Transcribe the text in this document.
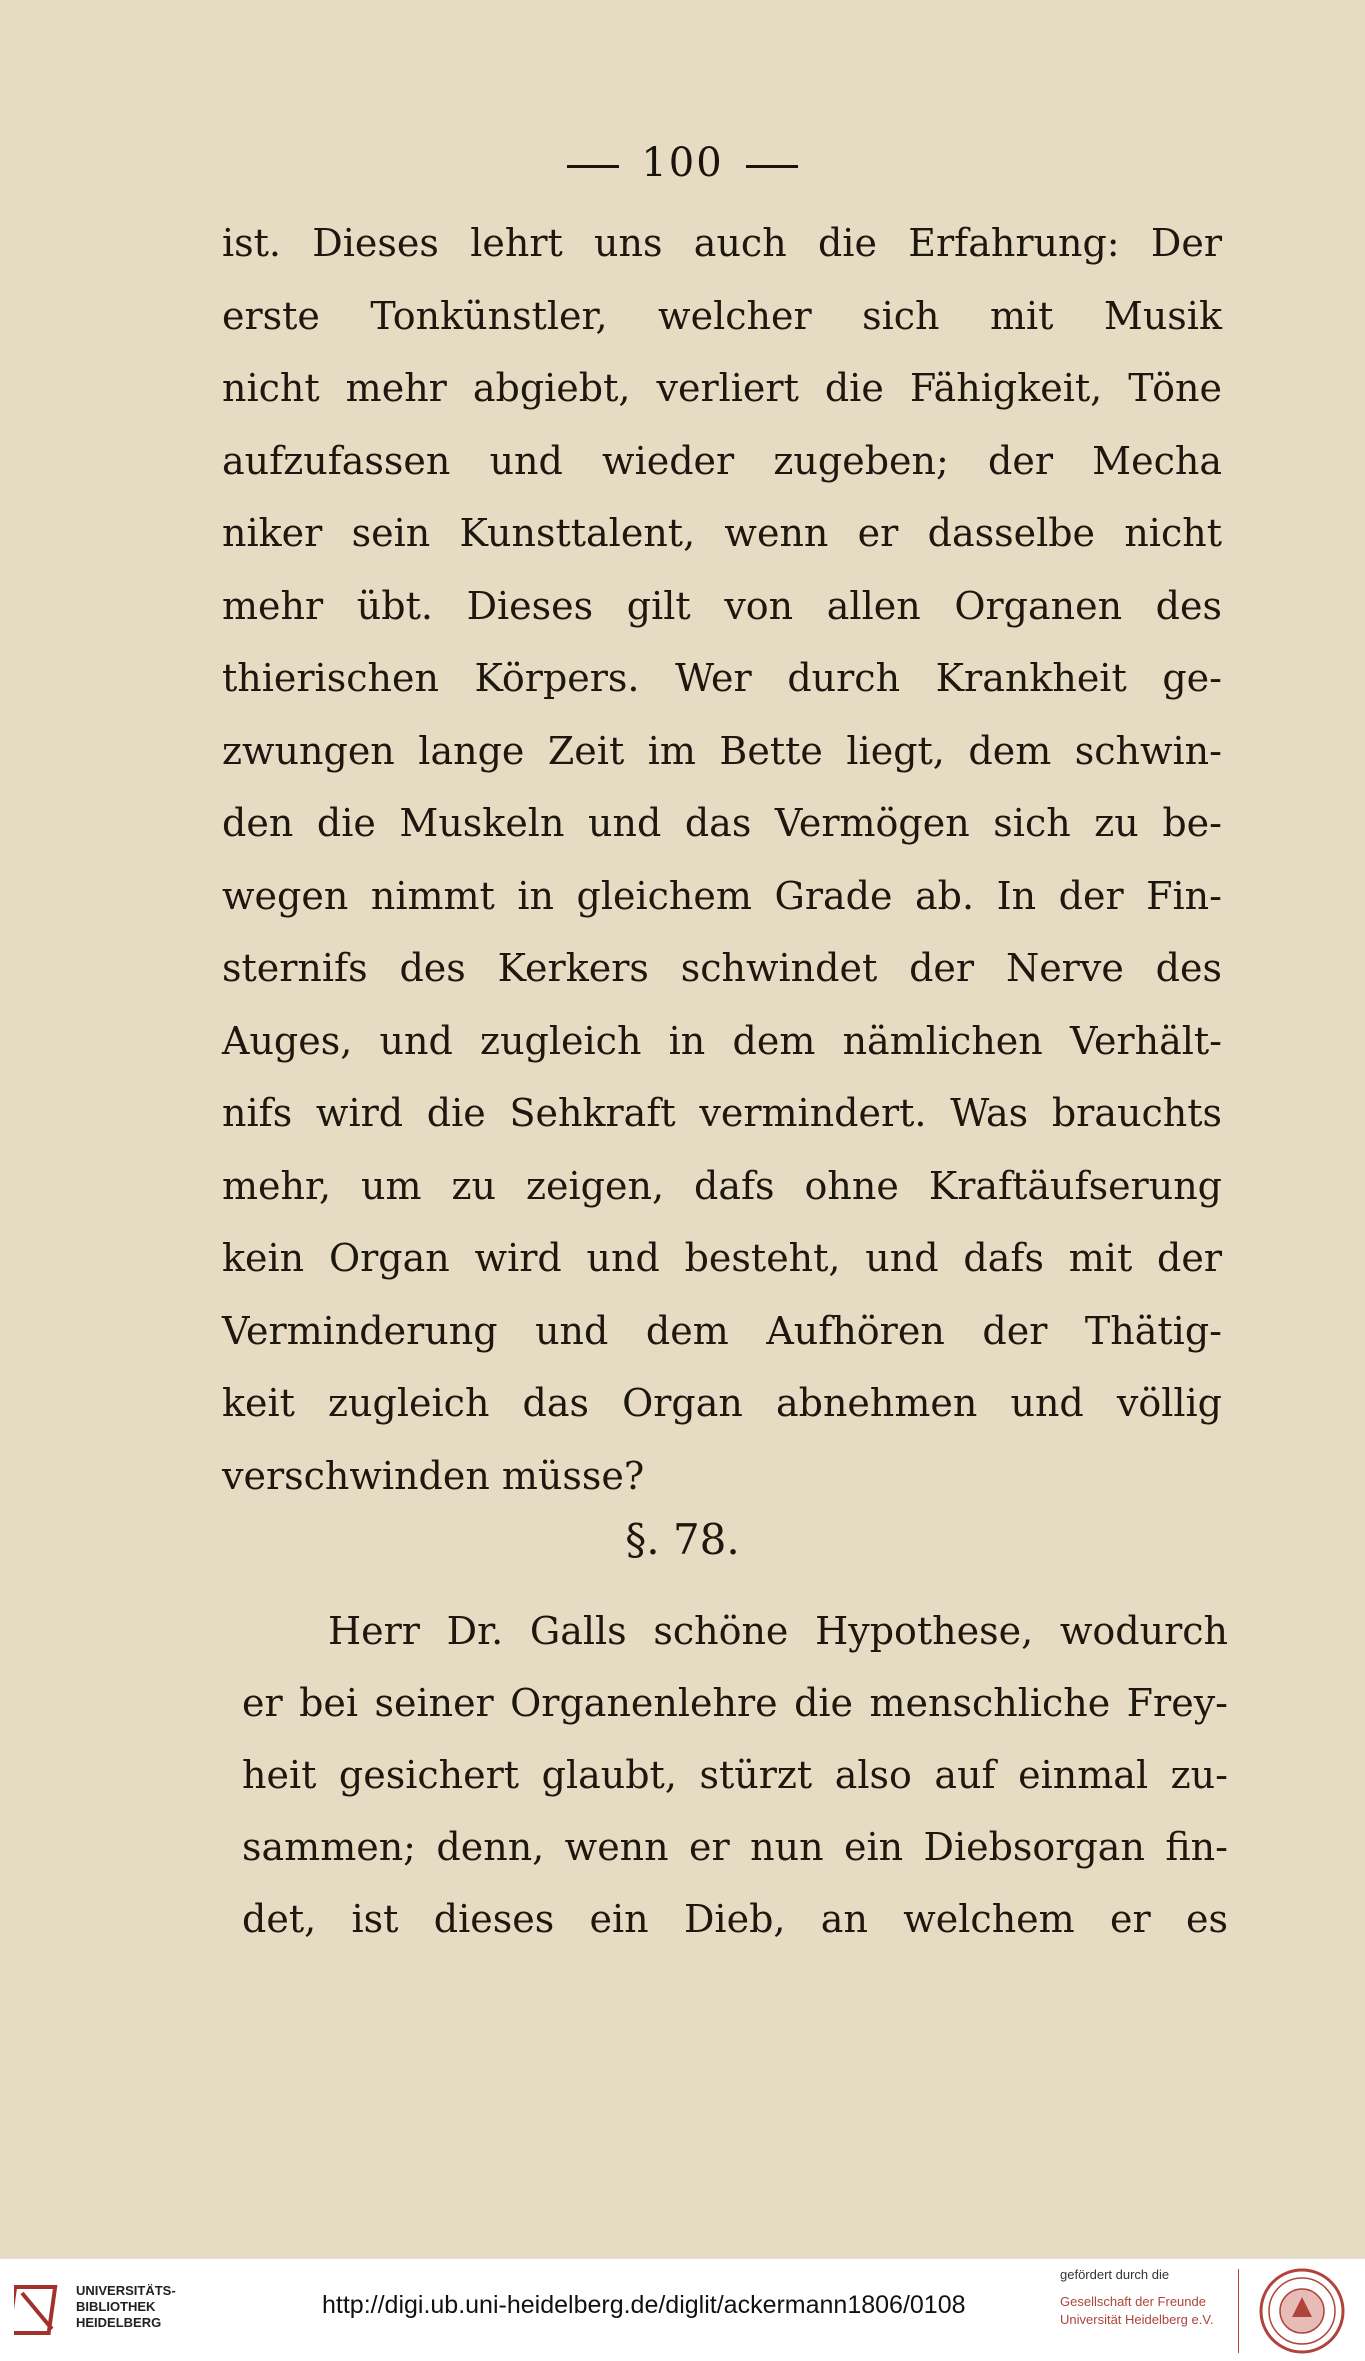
100
ist. Dieses lehrt uns auch die Erfahrung: Der
erste Tonkünstler, welcher sich mit Musik
nicht mehr abgiebt, verliert die Fähigkeit, Töne
aufzufassen und wieder zugeben; der Mecha
niker sein Kunsttalent, wenn er dasselbe nicht
mehr übt. Dieses gilt von allen Organen des
thierischen Körpers. Wer durch Krankheit ge-
zwungen lange Zeit im Bette liegt, dem schwin-
den die Muskeln und das Vermögen sich zu be-
wegen nimmt in gleichem Grade ab. In der Fin-
sternifs des Kerkers schwindet der Nerve des
Auges, und zugleich in dem nämlichen Verhält-
nifs wird die Sehkraft vermindert. Was brauchts
mehr, um zu zeigen, dafs ohne Kraftäufserung
kein Organ wird und besteht, und dafs mit der
Verminderung und dem Aufhören der Thätig-
keit zugleich das Organ abnehmen und völlig
verschwinden müsse?
§. 78.
Herr Dr. Galls schöne Hypothese, wodurch
er bei seiner Organenlehre die menschliche Frey-
heit gesichert glaubt, stürzt also auf einmal zu-
sammen; denn, wenn er nun ein Diebsorgan fin-
det, ist dieses ein Dieb, an welchem er es
UNIVERSITÄTS-
BIBLIOTHEK
HEIDELBERG
http://digi.ub.uni-heidelberg.de/diglit/ackermann1806/0108
gefördert durch die
Gesellschaft der Freunde
Universität Heidelberg e.V.
